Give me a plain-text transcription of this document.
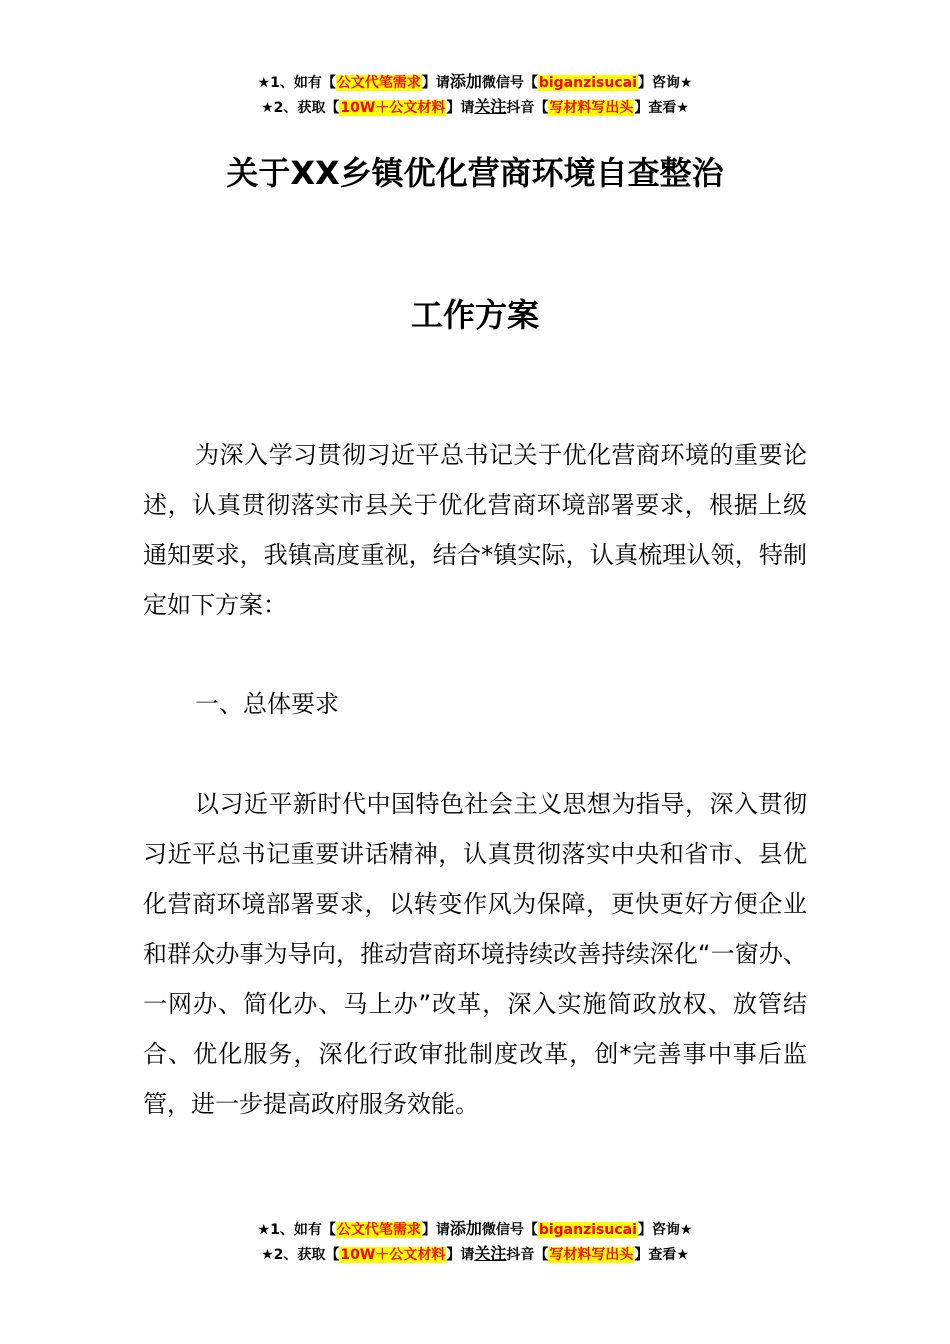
★1、如有【公文代笔需求】请添加微信号【biganzisucai】咨询★
★2、获取【10W＋公文材料】请关注抖音【写材料写出头】查看★
关于XX乡镇优化营商环境自查整治
工作方案

为深入学习贯彻习近平总书记关于优化营商环境的重要论述，认真贯彻落实市县关于优化营商环境部署要求，根据上级通知要求，我镇高度重视，结合*镇实际，认真梳理认领，特制定如下方案：

一、总体要求

以习近平新时代中国特色社会主义思想为指导，深入贯彻习近平总书记重要讲话精神，认真贯彻落实中央和省市、县优化营商环境部署要求，以转变作风为保障，更快更好方便企业和群众办事为导向，推动营商环境持续改善持续深化“一窗办、一网办、简化办、马上办”改革，深入实施简政放权、放管结合、优化服务，深化行政审批制度改革，创*完善事中事后监管，进一步提高政府服务效能。

★1、如有【公文代笔需求】请添加微信号【biganzisucai】咨询★
★2、获取【10W＋公文材料】请关注抖音【写材料写出头】查看★
